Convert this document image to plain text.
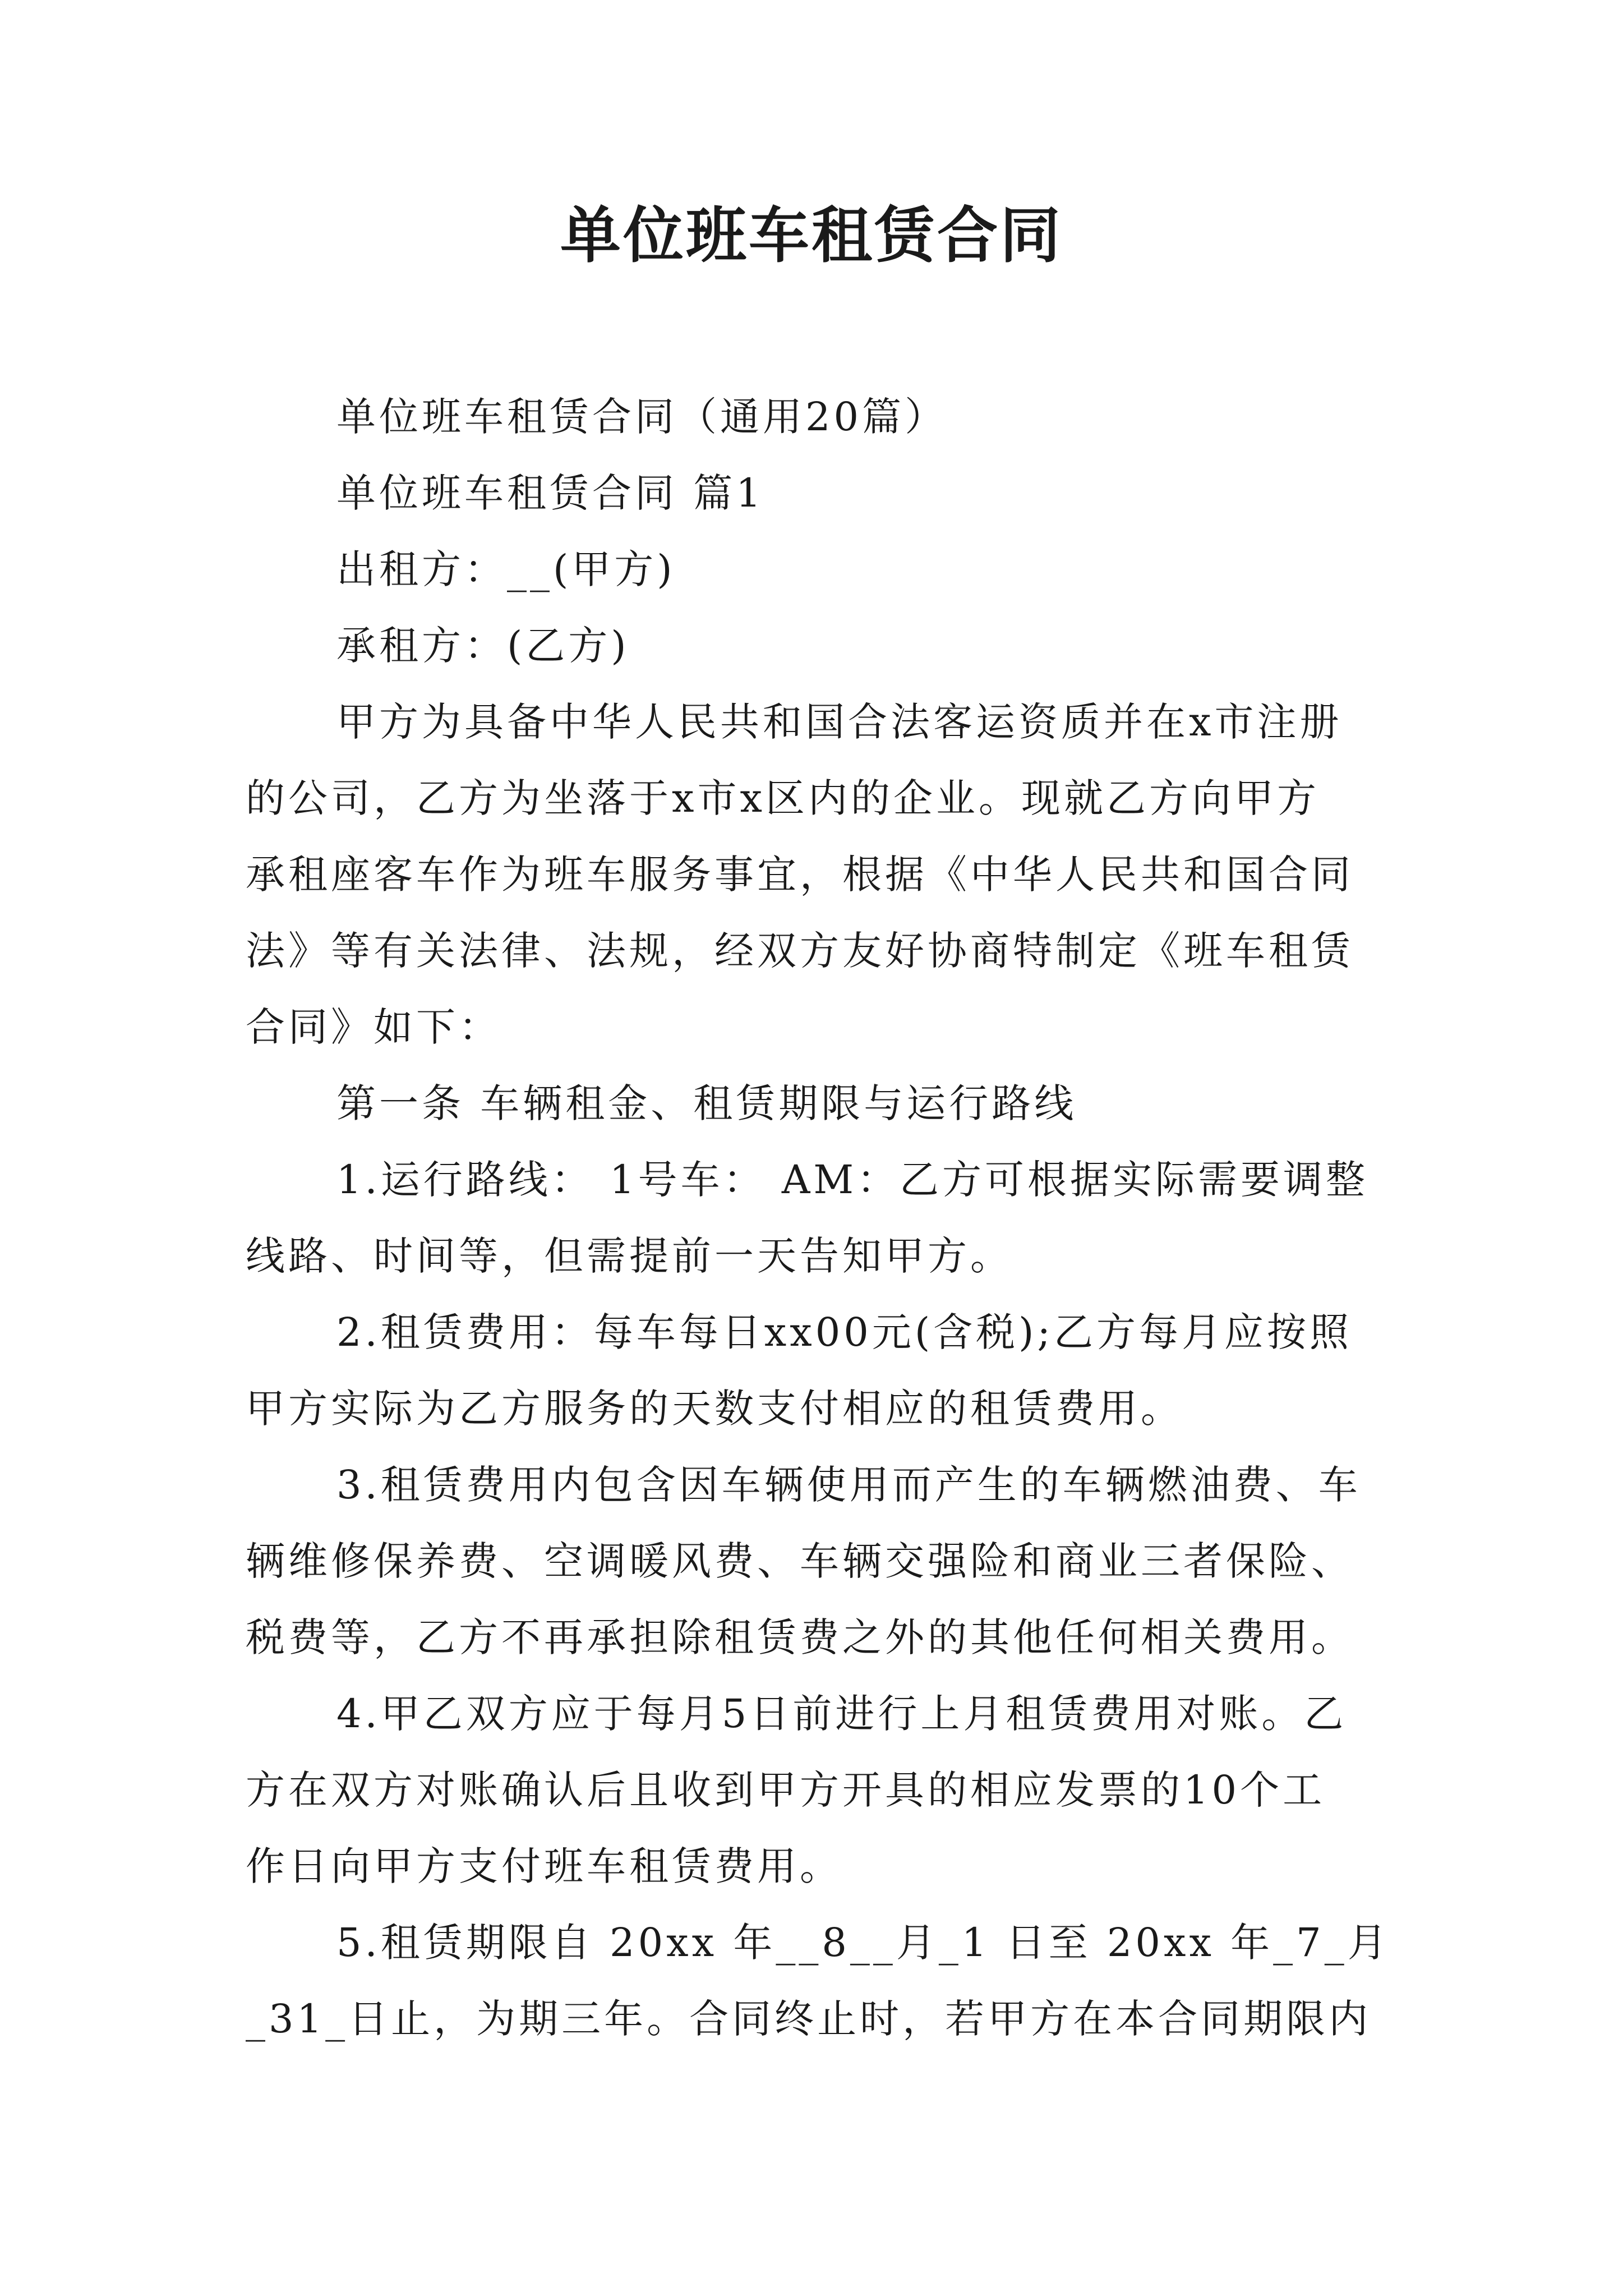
单位班车租赁合同

单位班车租赁合同（通用20篇）

单位班车租赁合同 篇1

出租方：__(甲方)

承租方：(乙方)

甲方为具备中华人民共和国合法客运资质并在x市注册

的公司，乙方为坐落于x市x区内的企业。现就乙方向甲方

承租座客车作为班车服务事宜，根据《中华人民共和国合同

法》等有关法律、法规，经双方友好协商特制定《班车租赁

合同》如下：

第一条 车辆租金、租赁期限与运行路线

1.运行路线： 1号车： AM：乙方可根据实际需要调整

线路、时间等，但需提前一天告知甲方。

2.租赁费用：每车每日xx00元(含税);乙方每月应按照

甲方实际为乙方服务的天数支付相应的租赁费用。

3.租赁费用内包含因车辆使用而产生的车辆燃油费、车

辆维修保养费、空调暖风费、车辆交强险和商业三者保险、

税费等，乙方不再承担除租赁费之外的其他任何相关费用。

4.甲乙双方应于每月5日前进行上月租赁费用对账。乙

方在双方对账确认后且收到甲方开具的相应发票的10个工

作日向甲方支付班车租赁费用。

5.租赁期限自 20xx 年__8__月_1 日至 20xx 年_7_月

_31_日止，为期三年。合同终止时，若甲方在本合同期限内
